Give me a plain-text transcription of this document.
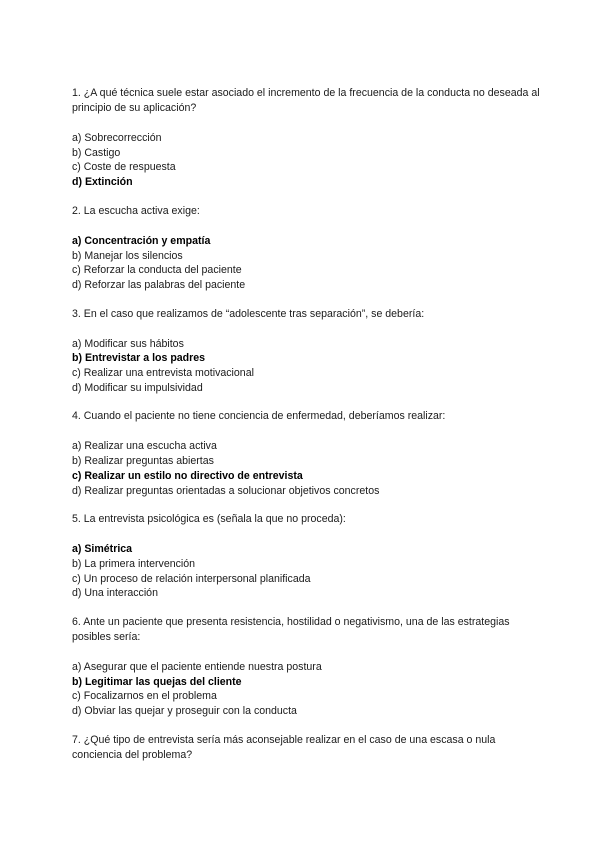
1. ¿A qué técnica suele estar asociado el incremento de la frecuencia de la conducta no deseada al principio de su aplicación?

a) Sobrecorrección

b) Castigo

c) Coste de respuesta

d) Extinción

2. La escucha activa exige:

a) Concentración y empatía

b) Manejar los silencios

c) Reforzar la conducta del paciente

d) Reforzar las palabras del paciente

3. En el caso que realizamos de “adolescente tras separación”, se debería:

a) Modificar sus hábitos

b) Entrevistar a los padres

c) Realizar una entrevista motivacional

d) Modificar su impulsividad

4. Cuando el paciente no tiene conciencia de enfermedad, deberíamos realizar:

a) Realizar una escucha activa

b) Realizar preguntas abiertas

c) Realizar un estilo no directivo de entrevista

d) Realizar preguntas orientadas a solucionar objetivos concretos

5. La entrevista psicológica es (señala la que no proceda):

a) Simétrica

b) La primera intervención

c) Un proceso de relación interpersonal planificada

d) Una interacción

6. Ante un paciente que presenta resistencia, hostilidad o negativismo, una de las estrategias posibles sería:

a) Asegurar que el paciente entiende nuestra postura

b) Legitimar las quejas del cliente

c) Focalizarnos en el problema

d) Obviar las quejar y proseguir con la conducta

7. ¿Qué tipo de entrevista sería más aconsejable realizar en el caso de una escasa o nula conciencia del problema?
